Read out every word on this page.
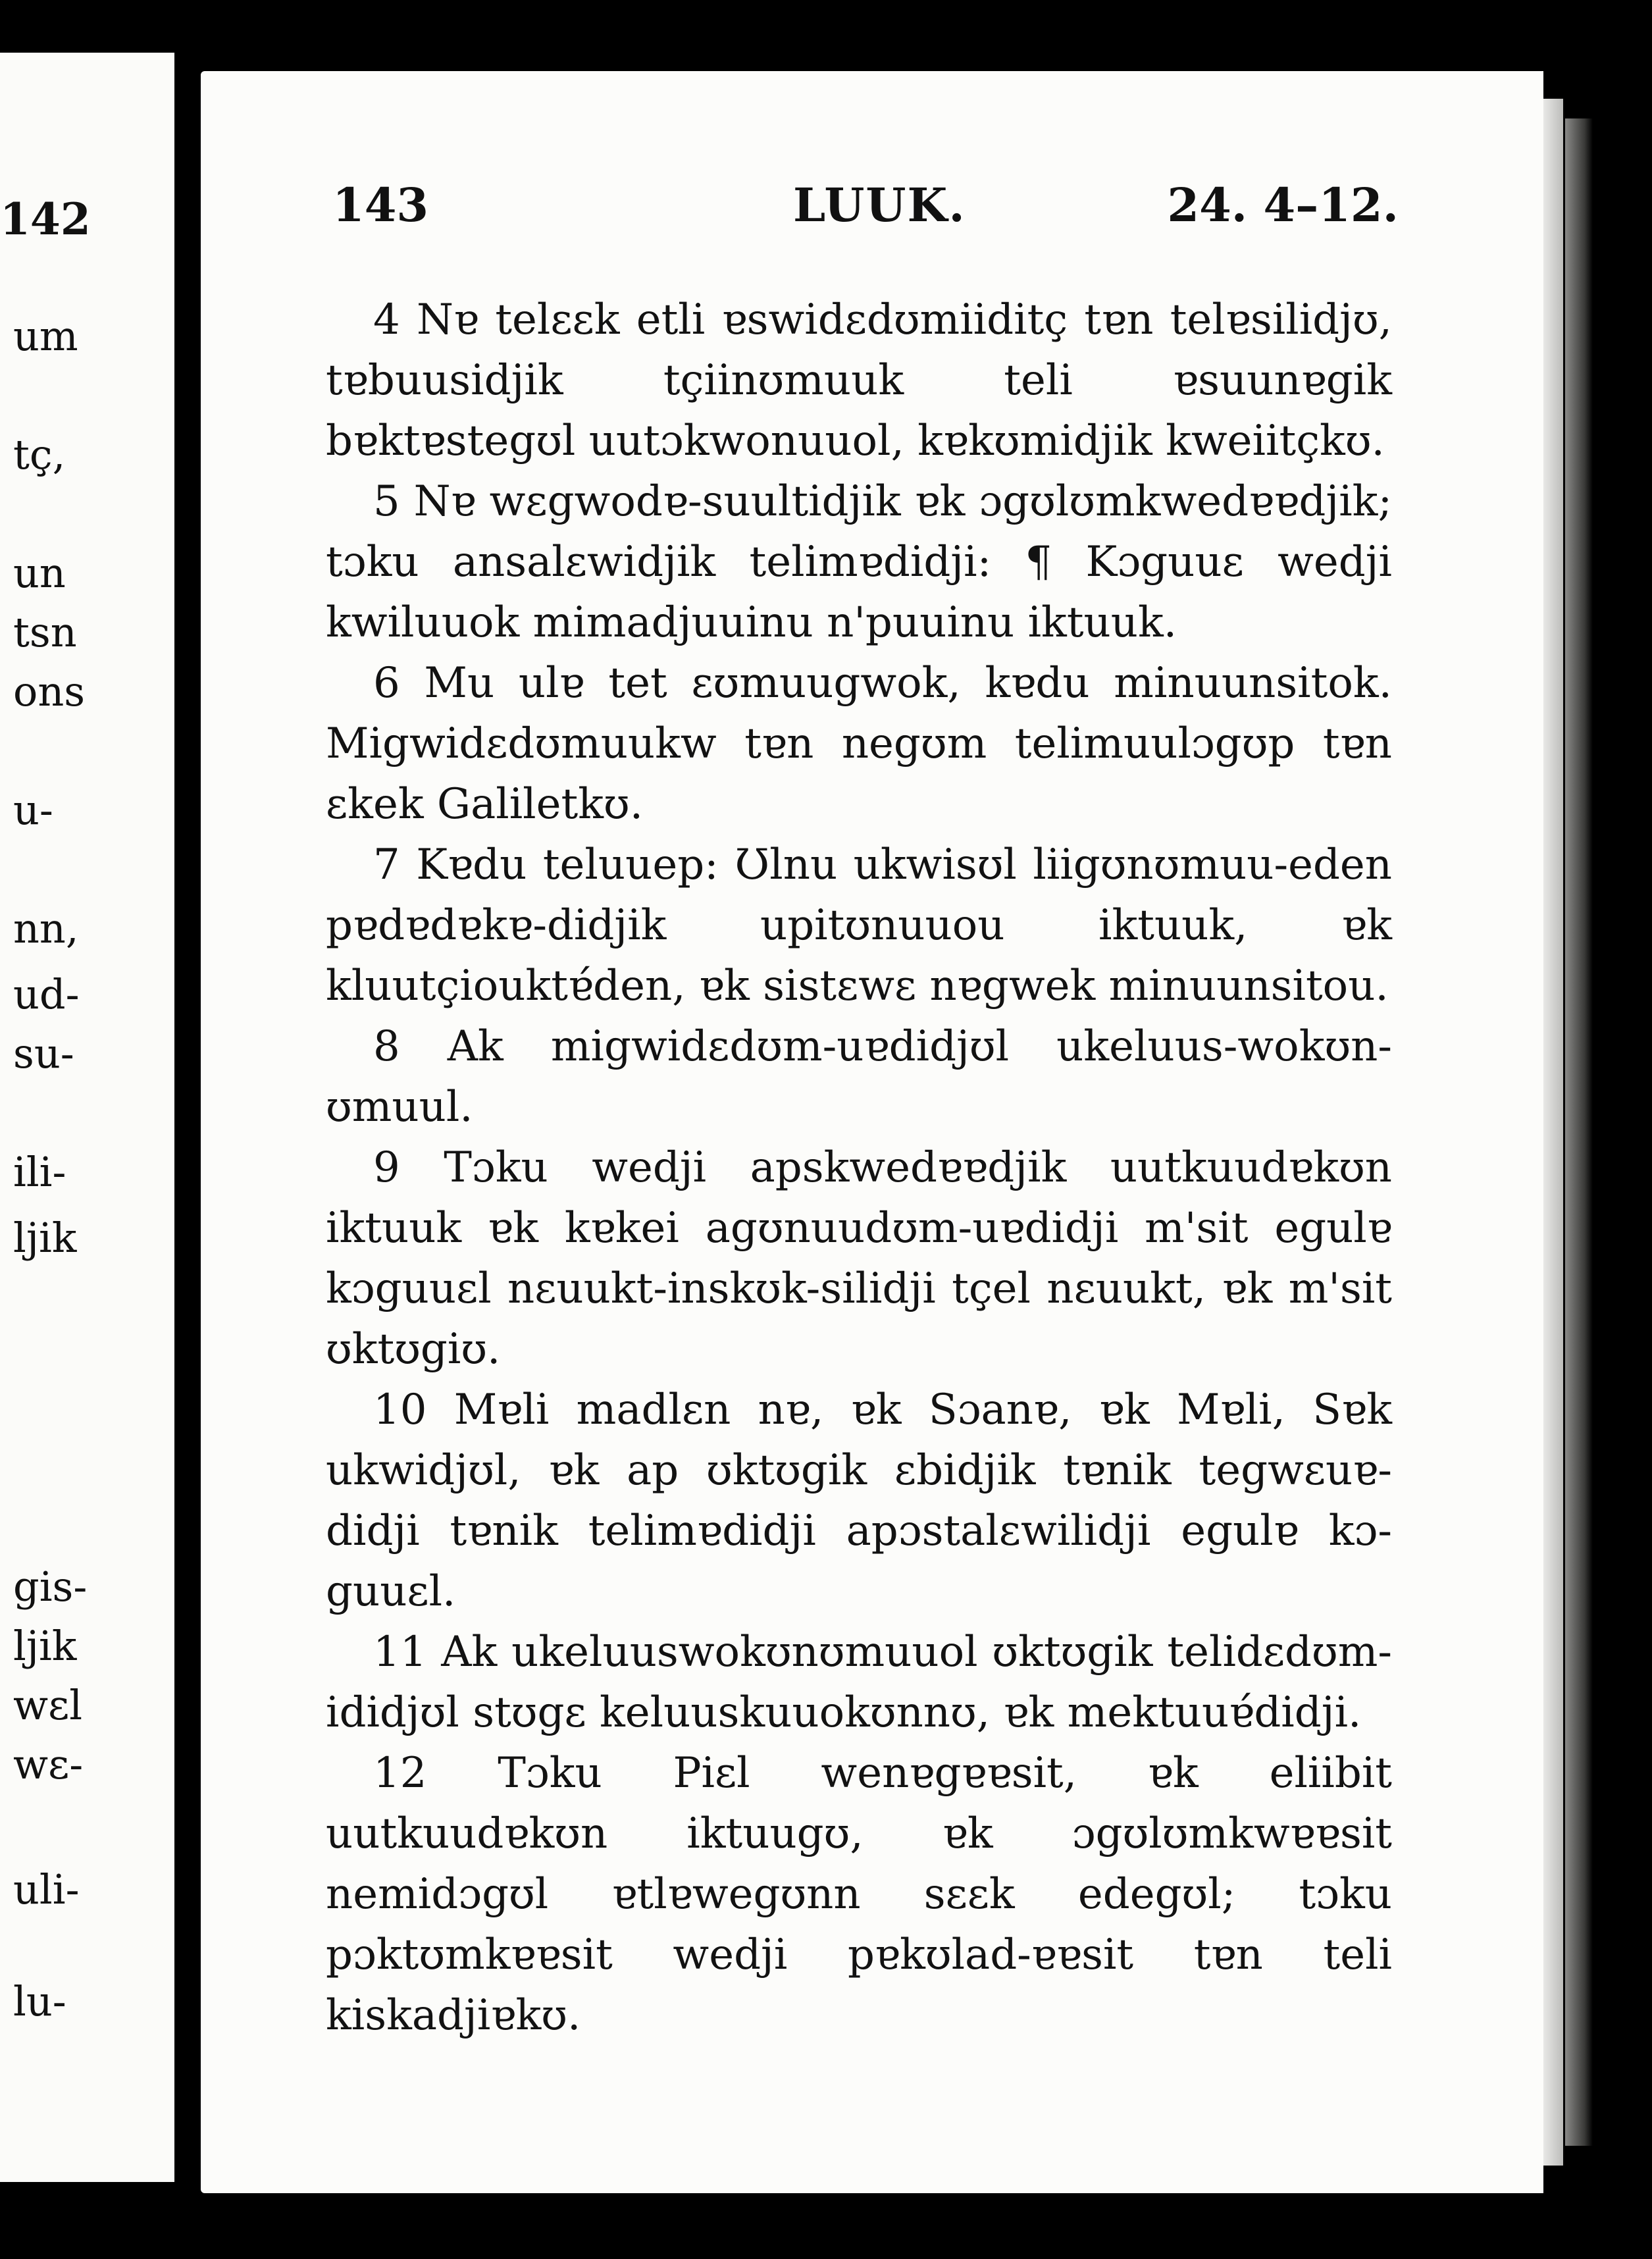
142
um
tç,
un
tsn
ons
u-
nn,
ud-
su-
ili-
ljik
gis-
ljik
wɛl
wɛ-
uli-
lu-
143	LUUK.	24. 4–12.

4 Nɐ telɛɛk etli ɐswidɛdʊmiiditç tɐn telɐsilidjʊ, tɐbuusidjik tçiinʊmuuk teli ɐsuunɐgik bɐktɐstegʊl uutɔkwonuuol, kɐkʊmidjik kweiitçkʊ.

5 Nɐ wɛgwodɐ-suultidjik ɐk ɔgʊlʊmkwedɐɐdjik; tɔku ansalɛwidjik telimɐdidji: ¶ Kɔguuɛ wedji kwiluuok mimadjuuinu n'puuinu iktuuk.

6 Mu ulɐ tet ɛʊmuugwok, kɐdu minuunsitok. Migwidɛdʊmuukw tɐn negʊm telimuulɔgʊp tɐn ɛkek Galiletkʊ.

7 Kɐdu teluuep: Ʊlnu ukwisʊl liigʊnʊmuu-eden pɐdɐdɐkɐ-didjik upitʊnuuou iktuuk, ɐk kluutçiouktɐ́den, ɐk sistɛwɛ nɐgwek minuunsitou.

8 Ak migwidɛdʊm-uɐdidjʊl ukeluus-wokʊn-ʊmuul.

9 Tɔku wedji apskwedɐɐdjik uutkuudɐkʊn iktuuk ɐk kɐkei agʊnuudʊm-uɐdidji m'sit egulɐ kɔguuɛl nɛuukt-inskʊk-silidji tçel nɛuukt, ɐk m'sit ʊktʊgiʊ.

10 Mɐli madlɛn nɐ, ɐk Sɔanɐ, ɐk Mɐli, Sɐk ukwidjʊl, ɐk ap ʊktʊgik ɛbidjik tɐnik tegwɛuɐ-didji tɐnik telimɐdidji apɔstalɛwilidji egulɐ kɔ-guuɛl.

11 Ak ukeluuswokʊnʊmuuol ʊktʊgik telidɛdʊm-ididjʊl stʊgɛ keluuskuuokʊnnʊ, ɐk mektuuɐ́didji.

12 Tɔku Piɛl wenɐgɐɐsit, ɐk eliibit uutkuudɐkʊn iktuugʊ, ɐk ɔgʊlʊmkwɐɐsit nemidɔgʊl ɐtlɐwegʊnn sɛɛk edegʊl; tɔku pɔktʊmkɐɐsit wedji pɐkʊlad-ɐɐsit tɐn teli kiskadjiɐkʊ.
